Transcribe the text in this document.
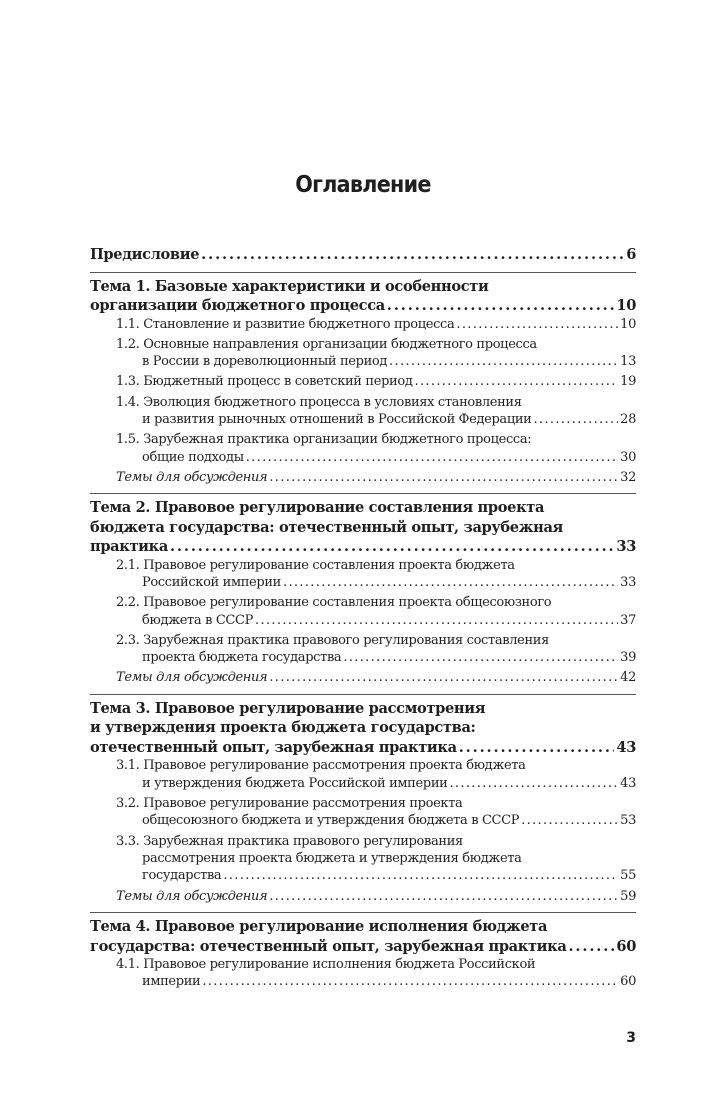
Оглавление
Предисловие . . .	6
Тема 1. Базовые характеристики и особенности
организации бюджетного процесса . . .	10
1.1. Становление и развитие бюджетного процесса . . .	10
1.2. Основные направления организации бюджетного процесса
в России в дореволюционный период . . .	13
1.3. Бюджетный процесс в советский период . . .	19
1.4. Эволюция бюджетного процесса в условиях становления
и развития рыночных отношений в Российской Федерации . . .	28
1.5. Зарубежная практика организации бюджетного процесса:
общие подходы . . .	30
Темы для обсуждения . . .	32
Тема 2. Правовое регулирование составления проекта
бюджета государства: отечественный опыт, зарубежная
практика . . .	33
2.1. Правовое регулирование составления проекта бюджета
Российской империи . . .	33
2.2. Правовое регулирование составления проекта общесоюзного
бюджета в СССР . . .	37
2.3. Зарубежная практика правового регулирования составления
проекта бюджета государства . . .	39
Темы для обсуждения . . .	42
Тема 3. Правовое регулирование рассмотрения
и утверждения проекта бюджета государства:
отечественный опыт, зарубежная практика . . .	43
3.1. Правовое регулирование рассмотрения проекта бюджета
и утверждения бюджета Российской империи . . .	43
3.2. Правовое регулирование рассмотрения проекта
общесоюзного бюджета и утверждения бюджета в СССР . . .	53
3.3. Зарубежная практика правового регулирования
рассмотрения проекта бюджета и утверждения бюджета
государства . . .	55
Темы для обсуждения . . .	59
Тема 4. Правовое регулирование исполнения бюджета
государства: отечественный опыт, зарубежная практика . . .	60
4.1. Правовое регулирование исполнения бюджета Российской
империи . . .	60
3
